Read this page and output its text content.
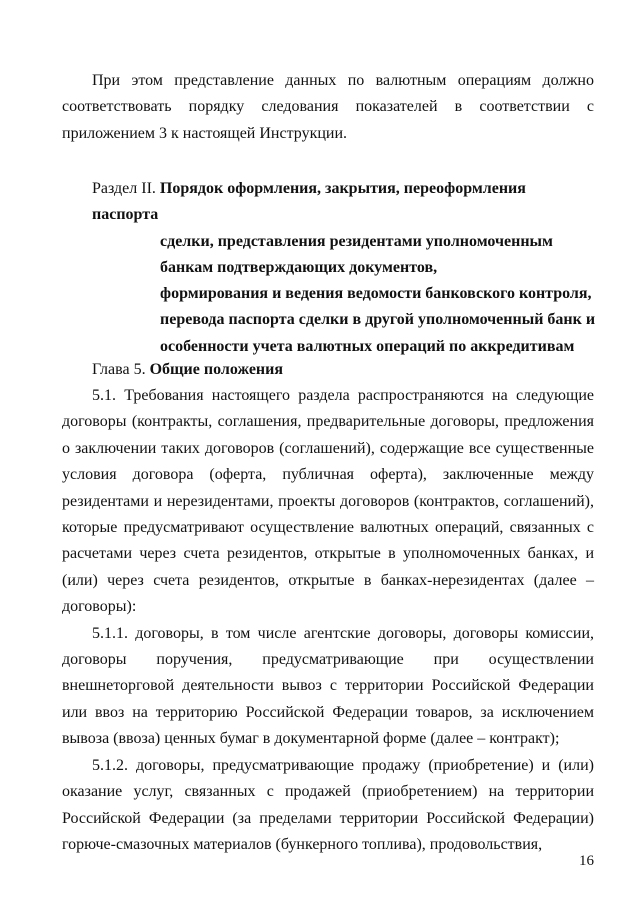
При этом представление данных по валютным операциям должно соответствовать порядку следования показателей в соответствии с приложением 3 к настоящей Инструкции.

Раздел II. Порядок оформления, закрытия, переоформления паспорта
сделки, представления резидентами уполномоченным
банкам подтверждающих документов,
формирования и ведения ведомости банковского контроля,
перевода паспорта сделки в другой уполномоченный банк и
особенности учета валютных операций по аккредитивам
Глава 5. Общие положения

5.1. Требования настоящего раздела распространяются на следующие договоры (контракты, соглашения, предварительные договоры, предложения о заключении таких договоров (соглашений), содержащие все существенные условия договора (оферта, публичная оферта), заключенные между резидентами и нерезидентами, проекты договоров (контрактов, соглашений), которые предусматривают осуществление валютных операций, связанных с расчетами через счета резидентов, открытые в уполномоченных банках, и (или) через счета резидентов, открытые в банках-нерезидентах (далее – договоры):

5.1.1. договоры, в том числе агентские договоры, договоры комиссии, договоры поручения, предусматривающие при осуществлении внешнеторговой деятельности вывоз с территории Российской Федерации или ввоз на территорию Российской Федерации товаров, за исключением вывоза (ввоза) ценных бумаг в документарной форме (далее – контракт);

5.1.2. договоры, предусматривающие продажу (приобретение) и (или) оказание услуг, связанных с продажей (приобретением) на территории Российской Федерации (за пределами территории Российской Федерации) горюче-смазочных материалов (бункерного топлива), продовольствия,

16
